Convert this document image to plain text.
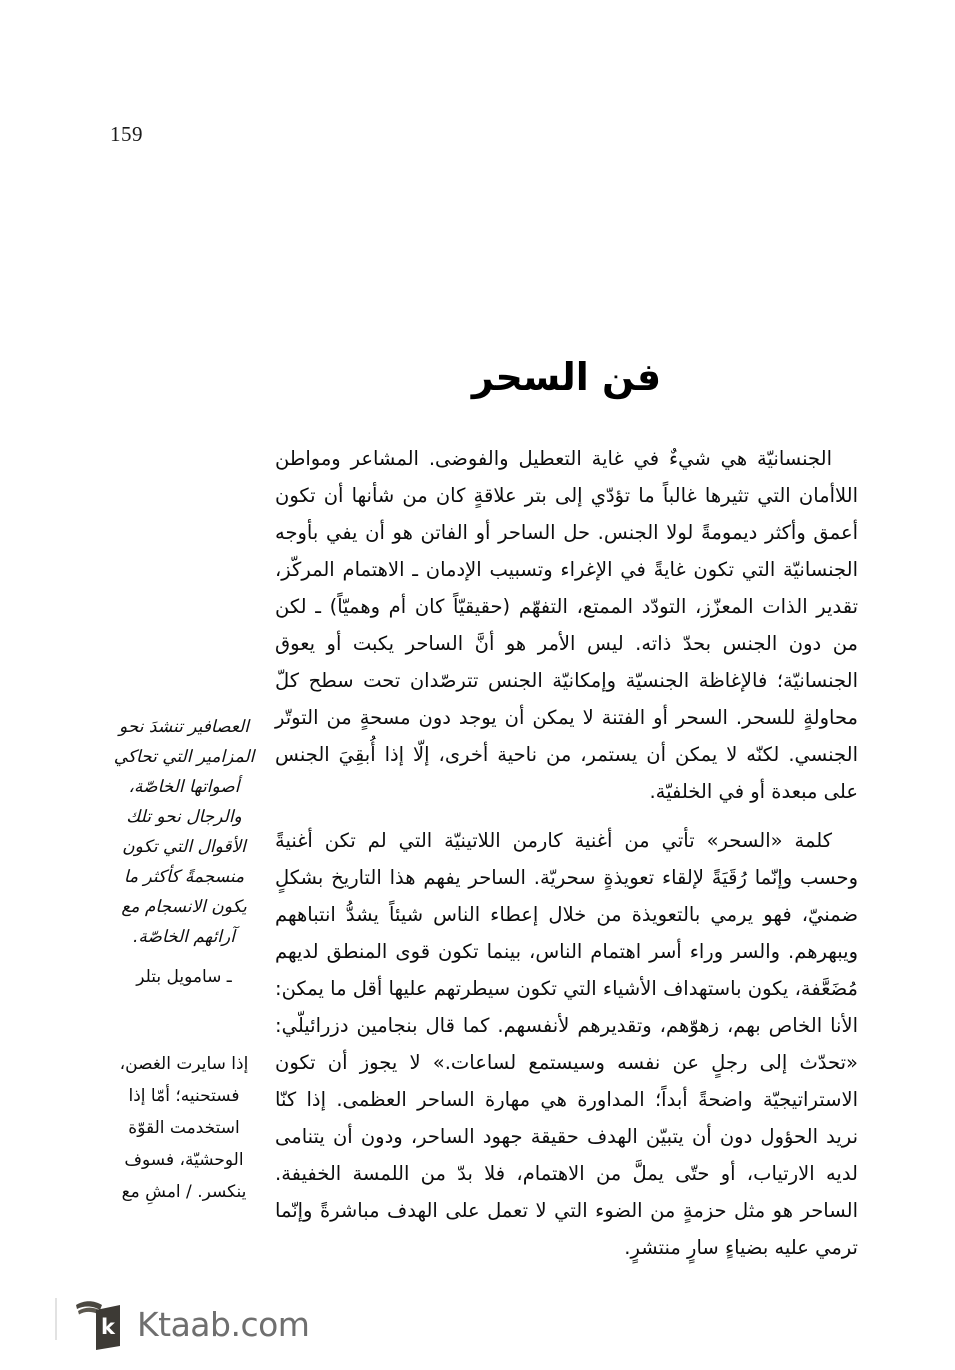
159
فن السحر

الجنسانيّة هي شيءٌ في غاية التعطيل والفوضى. المشاعر ومواطن اللاأمان التي تثيرها غالباً ما تؤدّي إلى بتر علاقةٍ كان من شأنها أن تكون أعمق وأكثر ديمومةً لولا الجنس. حل الساحر أو الفاتن هو أن يفي بأوجه الجنسانيّة التي تكون غايةً في الإغراء وتسبيب الإدمان ـ الاهتمام المركّز، تقدير الذات المعزّز، التودّد الممتع، التفهّم (حقيقيّاً كان أم وهميّاً) ـ لكن من دون الجنس بحدّ ذاته. ليس الأمر هو أنَّ الساحر يكبت أو يعوق الجنسانيّة؛ فالإغاظة الجنسيّة وإمكانيّة الجنس تترصّدان تحت سطح كلّ محاولةٍ للسحر. السحر أو الفتنة لا يمكن أن يوجد دون مسحةٍ من التوتّر الجنسي. لكنّه لا يمكن أن يستمر، من ناحية أخرى، إلّا إذا أُبقِيَ الجنس على مبعدة أو في الخلفيّة.

كلمة «السحر» تأتي من أغنية كارمن اللاتينيّة التي لم تكن أغنيةً وحسب وإنّما رُقَيَةً لإلقاء تعويذةٍ سحريّة. الساحر يفهم هذا التاريخ بشكلٍ ضمنيّ، فهو يرمي بالتعويذة من خلال إعطاء الناس شيئاً يشدُّ انتباههم ويبهرهم. والسر وراء أسر اهتمام الناس، بينما تكون قوى المنطق لديهم مُضَعَّفة، يكون باستهداف الأشياء التي تكون سيطرتهم عليها أقل ما يمكن: الأنا الخاص بهم، زهوّهم، وتقديرهم لأنفسهم. كما قال بنجامين دزرائيلّي: «تحدّث إلى رجلٍ عن نفسه وسيستمع لساعات.» لا يجوز أن تكون الاستراتيجيّة واضحةً أبداً؛ المداورة هي مهارة الساحر العظمى. إذا كنّا نريد الحؤول دون أن يتبيّن الهدف حقيقة جهود الساحر، ودون أن يتنامى لديه الارتياب، أو حتّى يملَّ من الاهتمام، فلا بدّ من اللمسة الخفيفة. الساحر هو مثل حزمةٍ من الضوء التي لا تعمل على الهدف مباشرةً وإنّما ترمي عليه بضياءٍ سارٍ منتشرٍ.

العصافير تنشدَ نحو المزامير التي تحاكي أصواتها الخاصّة، والرجال نحو تلك الأقوال التي تكون منسجمةً كأكثر ما يكون الانسجام مع آرائهم الخاصّة.
ـ سامويل بتلر
إذا سايرت الغصن، فستحنيه؛ أمّا إذا استخدمت القوّة الوحشيّة، فسوف ينكسر. / امشِ مع
k Ktaab.com
